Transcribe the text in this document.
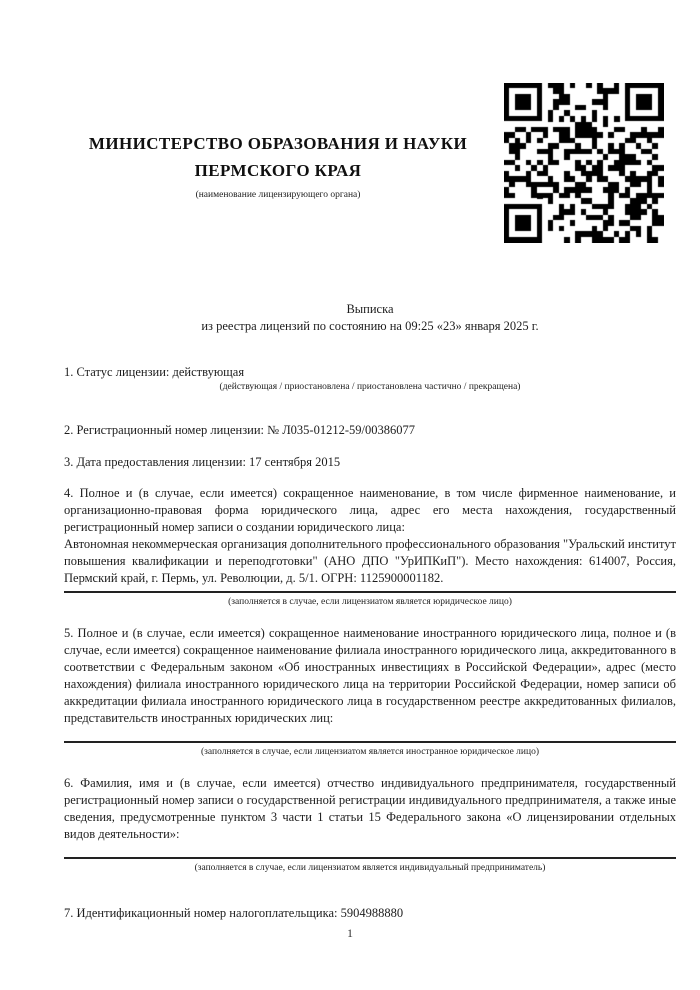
МИНИСТЕРСТВО ОБРАЗОВАНИЯ И НАУКИ ПЕРМСКОГО КРАЯ
(наименование лицензирующего органа)
Выписка
из реестра лицензий по состоянию на 09:25 «23» января 2025 г.
1. Статус лицензии: действующая
(действующая / приостановлена / приостановлена частично / прекращена)
2. Регистрационный номер лицензии: № Л035-01212-59/00386077
3. Дата предоставления лицензии: 17 сентября 2015
4. Полное и (в случае, если имеется) сокращенное наименование, в том числе фирменное наименование, и организационно-правовая форма юридического лица, адрес его места нахождения, государственный регистрационный номер записи о создании юридического лица:
Автономная некоммерческая организация дополнительного профессионального образования "Уральский институт повышения квалификации и переподготовки" (АНО ДПО "УрИПКиП"). Место нахождения: 614007, Россия, Пермский край, г. Пермь, ул. Революции, д. 5/1. ОГРН: 1125900001182.
(заполняется в случае, если лицензиатом является юридическое лицо)
5. Полное и (в случае, если имеется) сокращенное наименование иностранного юридического лица, полное и (в случае, если имеется) сокращенное наименование филиала иностранного юридического лица, аккредитованного в соответствии с Федеральным законом «Об иностранных инвестициях в Российской Федерации», адрес (место нахождения) филиала иностранного юридического лица на территории Российской Федерации, номер записи об аккредитации филиала иностранного юридического лица в государственном реестре аккредитованных филиалов, представительств иностранных юридических лиц:
(заполняется в случае, если лицензиатом является иностранное юридическое лицо)
6. Фамилия, имя и (в случае, если имеется) отчество индивидуального предпринимателя, государственный регистрационный номер записи о государственной регистрации индивидуального предпринимателя, а также иные сведения, предусмотренные пунктом 3 части 1 статьи 15 Федерального закона «О лицензировании отдельных видов деятельности»:
(заполняется в случае, если лицензиатом является индивидуальный предприниматель)
7. Идентификационный номер налогоплательщика: 5904988880
1
